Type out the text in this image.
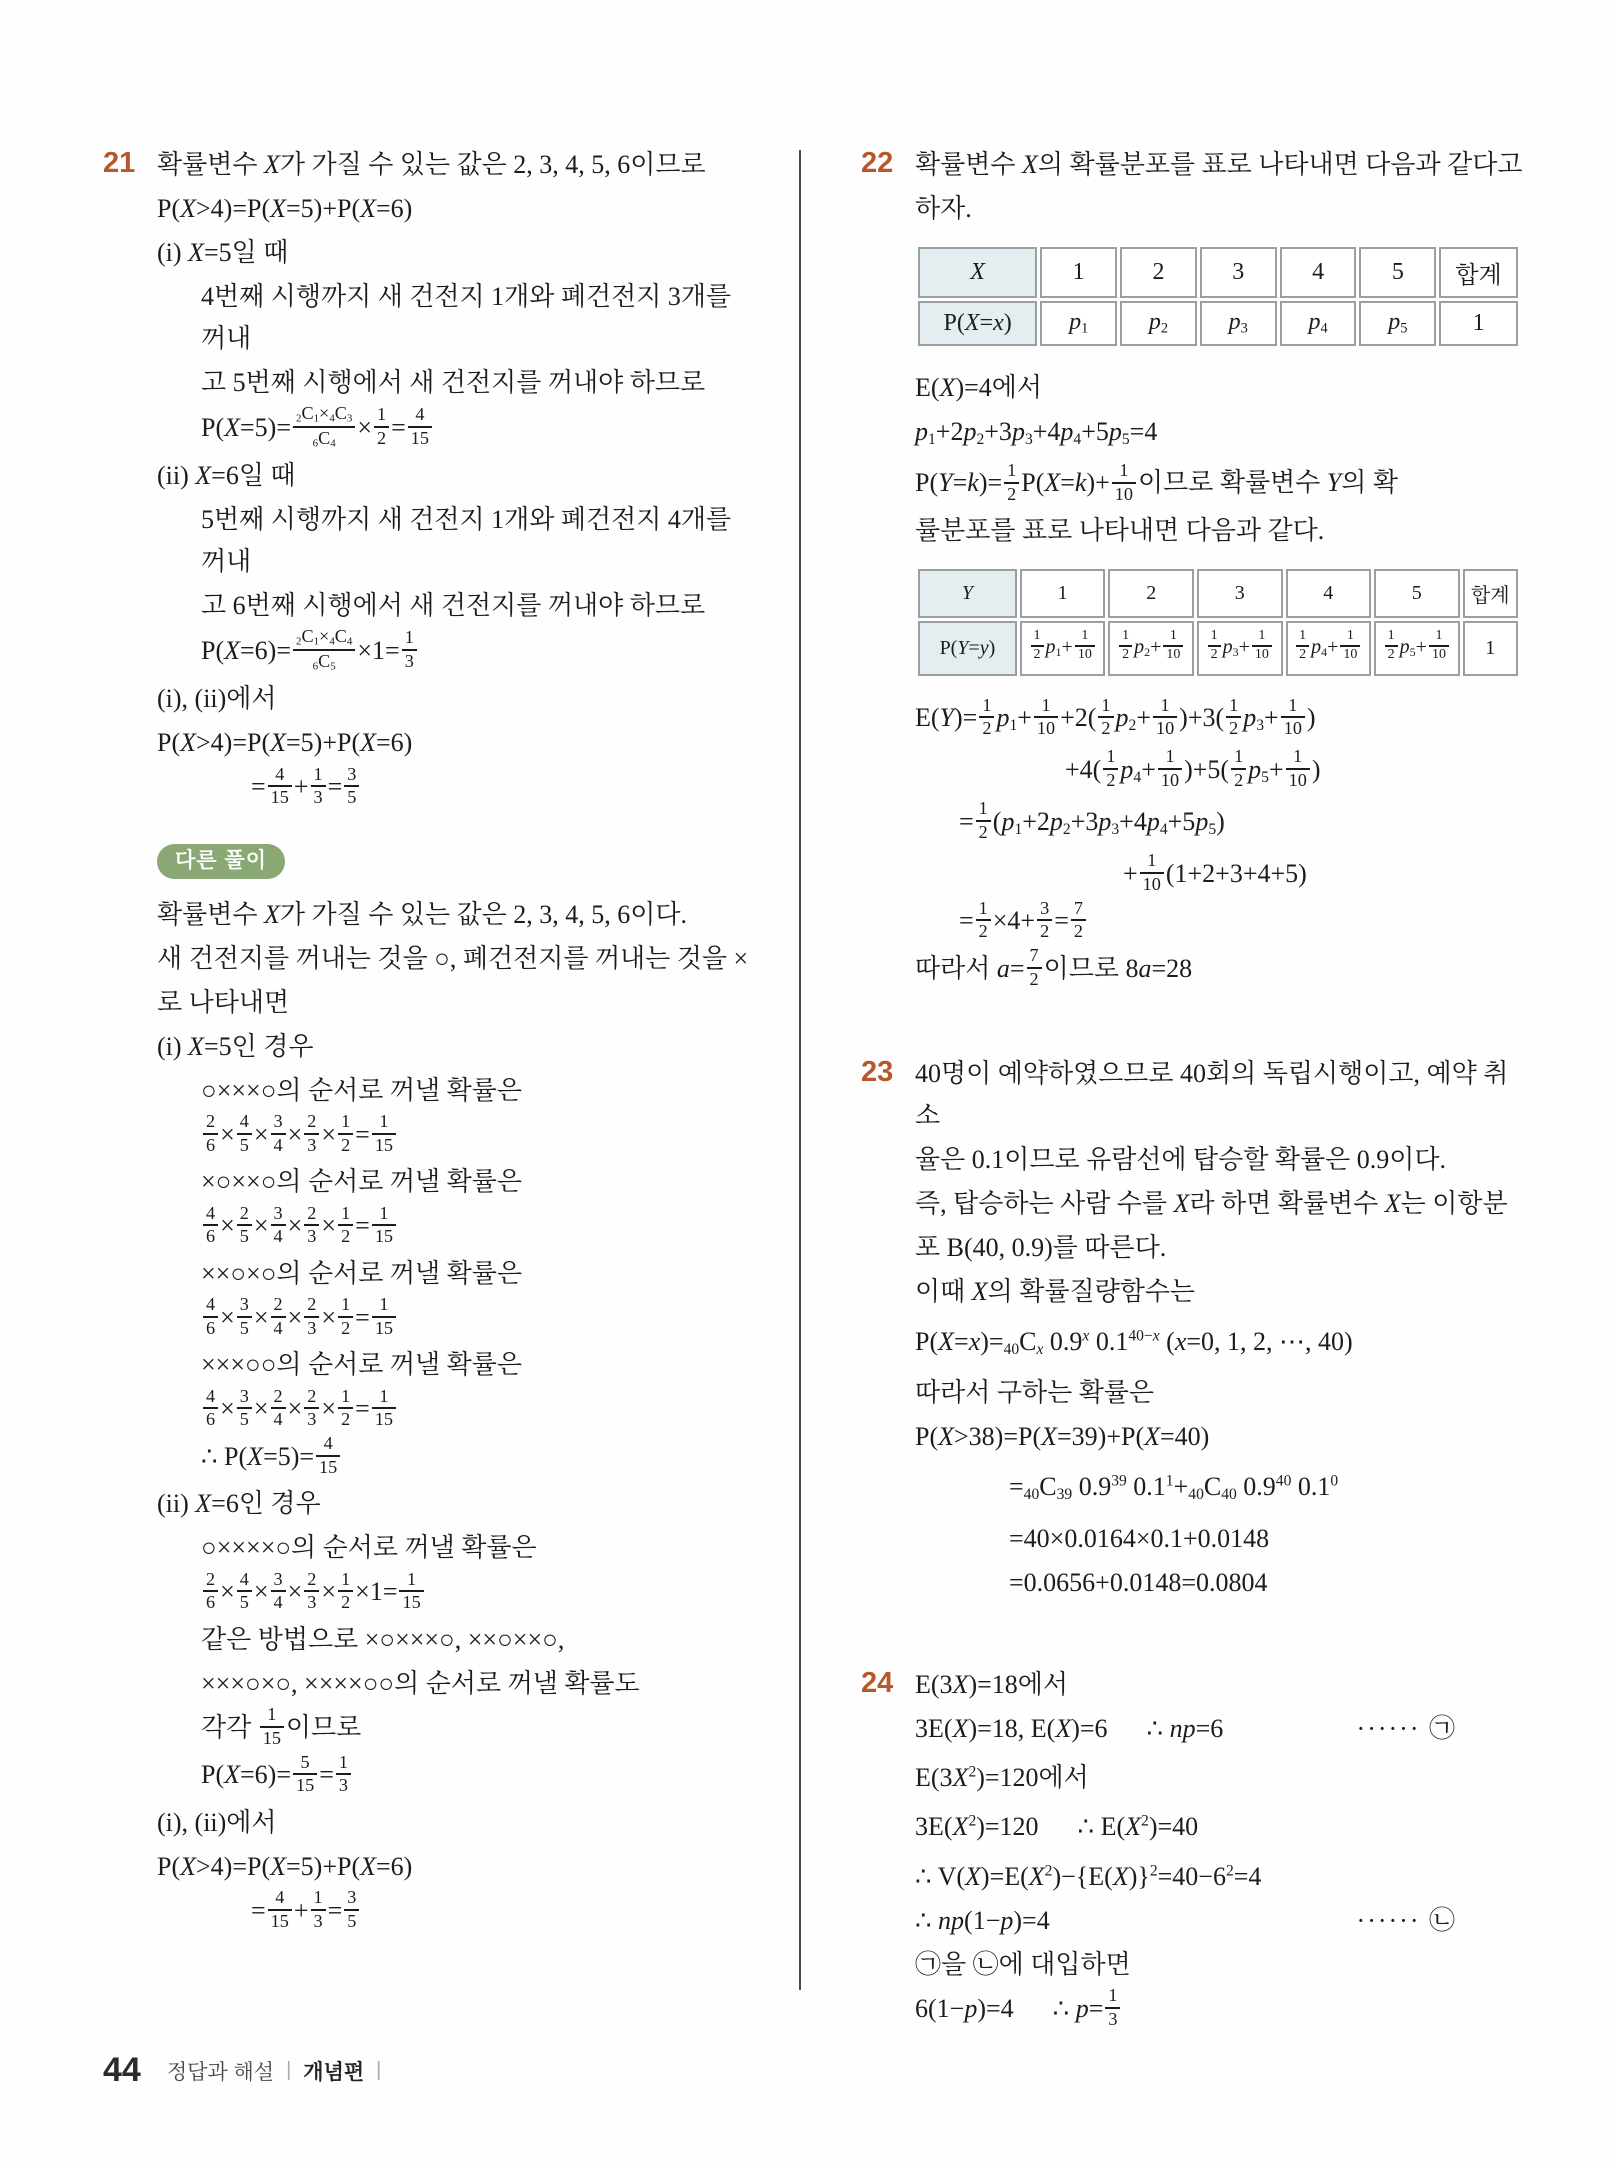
21 확률변수 X가 가질 수 있는 값은 2, 3, 4, 5, 6이므로
P(X>4)=P(X=5)+P(X=6)
(i) X=5일 때
4번째 시행까지 새 건전지 1개와 폐건전지 3개를 꺼내
고 5번째 시행에서 새 건전지를 꺼내야 하므로
$P(X=5)= \frac{_2C_1\times_4C_3}{_6C_4} \times \frac{1}{2} = \frac{4}{15}$
(ii) X=6일 때
5번째 시행까지 새 건전지 1개와 폐건전지 4개를 꺼내
고 6번째 시행에서 새 건전지를 꺼내야 하므로
$P(X=6)= \frac{_2C_1\times_4C_4}{_6C_5} \times 1= \frac{1}{3}$
(i), (ii)에서
P(X>4)=P(X=5)+P(X=6)
= $\frac{4}{15} + \frac{1}{3} = \frac{3}{5}$
다른 풀이
확률변수 X가 가질 수 있는 값은 2, 3, 4, 5, 6이다.
새 건전지를 꺼내는 것을 ○, 폐건전지를 꺼내는 것을 ×
로 나타내면
(i) X=5인 경우
○×××○의 순서로 꺼낼 확률은
$\frac{2}{6} \times \frac{4}{5} \times \frac{3}{4} \times \frac{2}{3} \times \frac{1}{2} = \frac{1}{15}$
×○××○의 순서로 꺼낼 확률은
$\frac{4}{6} \times \frac{2}{5} \times \frac{3}{4} \times \frac{2}{3} \times \frac{1}{2} = \frac{1}{15}$
××○×○의 순서로 꺼낼 확률은
$\frac{4}{6} \times \frac{3}{5} \times \frac{2}{4} \times \frac{2}{3} \times \frac{1}{2} = \frac{1}{15}$
×××○○의 순서로 꺼낼 확률은
$\frac{4}{6} \times \frac{3}{5} \times \frac{2}{4} \times \frac{2}{3} \times \frac{1}{2} = \frac{1}{15}$
∴ $P(X=5)= \frac{4}{15}$
(ii) X=6인 경우
○××××○의 순서로 꺼낼 확률은
$\frac{2}{6} \times \frac{4}{5} \times \frac{3}{4} \times \frac{2}{3} \times \frac{1}{2} \times 1= \frac{1}{15}$
같은 방법으로 ×○×××○, ××○××○,
×××○×○, ××××○○의 순서로 꺼낼 확률도
각각 $\frac{1}{15}$ 이므로
$P(X=6)= \frac{5}{15} = \frac{1}{3}$
(i), (ii)에서
P(X>4)=P(X=5)+P(X=6)
= $\frac{4}{15} + \frac{1}{3} = \frac{3}{5}$
22 확률변수 X의 확률분포를 표로 나타내면 다음과 같다고
하자.
X	1	2	3	4	5	합계
P(X=x)	$p_1$	$p_2$	$p_3$	$p_4$	$p_5$	1
E(X)=4에서
$p_1+2p_2+3p_3+4p_4+5p_5=4$
$P(Y=k)= \frac{1}{2} P(X=k)+ \frac{1}{10}$ 이므로 확률변수 Y의 확
률분포를 표로 나타내면 다음과 같다.
Y	1	2	3	4	5	합계
P(Y=y)	$\frac{1}{2} p_1+ \frac{1}{10}$	$\frac{1}{2} p_2+ \frac{1}{10}$	$\frac{1}{2} p_3+ \frac{1}{10}$	$\frac{1}{2} p_4+ \frac{1}{10}$	$\frac{1}{2} p_5+ \frac{1}{10}$	1
$E(Y)= \frac{1}{2} p_1+ \frac{1}{10} +2( \frac{1}{2} p_2+ \frac{1}{10} )+3( \frac{1}{2} p_3+ \frac{1}{10}$ )
$+4( \frac{1}{2} p_4+ \frac{1}{10} )+5( \frac{1}{2} p_5+ \frac{1}{10}$ )
= $\frac{1}{2} (p_1+2p_2+3p_3+4p_4+5p_5)$
+ $\frac{1}{10} (1+2+3+4+5)$
= $\frac{1}{2} \times 4+ \frac{3}{2} = \frac{7}{2}$
따라서 $a= \frac{7}{2}$ 이므로 8a=28
23 40명이 예약하였으므로 40회의 독립시행이고, 예약 취소
율은 0.1이므로 유람선에 탑승할 확률은 0.9이다.
즉, 탑승하는 사람 수를 X라 하면 확률변수 X는 이항분
포 B(40, 0.9)를 따른다.
이때 X의 확률질량함수는
$P(X=x)=_{40}C_x$ 0.9$^x$ $0.1^{40-x}$ (x=0, 1, 2, ⋯, 40)
따라서 구하는 확률은
P(X>38)=P(X=39)+P(X=40)
$=_{40}C_{39}$ $0.9^{39}$ $0.1^1+_{40}C_{40}$ $0.9^{40}$ $0.1^0$
=40×0.0164×0.1+0.0148
=0.0656+0.0148=0.0804
24 E(3X)=18에서
3E(X)=18, E(X)=6      ∴ np=6	······ ㉠
$E(3X^2)=120$에서
$3E(X^2)=120$      ∴ $E(X^2)=40$
∴ $V(X)=E(X^2)-\{E(X)\}^2=40-6^2=4$
∴ np(1−p)=4	······ ㉡
㉠을 ㉡에 대입하면
6(1−p)=4      ∴ $p= \frac{1}{3}$
44 정답과 해설 | 개념편 |
